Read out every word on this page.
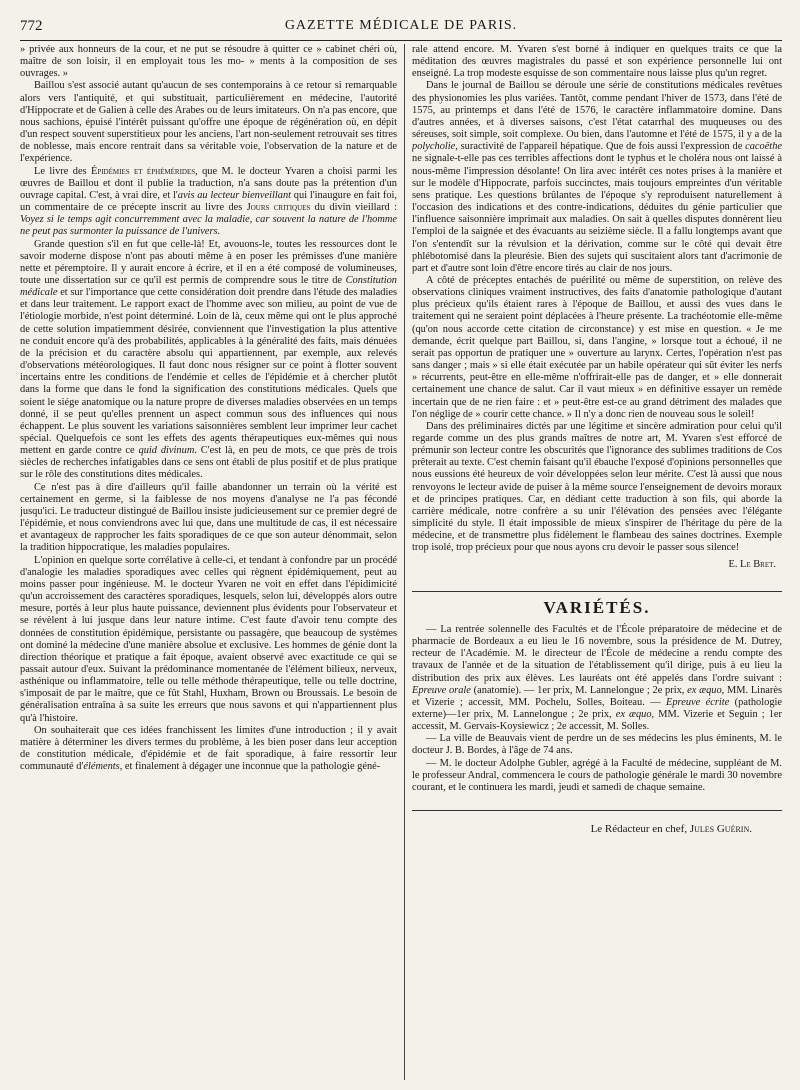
772	GAZETTE MÉDICALE DE PARIS.

» privée aux honneurs de la cour, et ne put se résoudre à quitter ce » cabinet chéri où, maître de son loisir, il en employait tous les mo- » ments à la composition de ses ouvrages. »

Baillou s'est associé autant qu'aucun de ses contemporains à ce retour si remarquable alors vers l'antiquité, et qui substituait, particulièrement en médecine, l'autorité d'Hippocrate et de Galien à celle des Arabes ou de leurs imitateurs. On n'a pas encore, que nous sachions, épuisé l'intérêt puissant qu'offre une époque de régénération où, en dépit d'un respect souvent superstitieux pour les anciens, l'art non-seulement retrouvait ses titres de noblesse, mais encore rentrait dans sa véritable voie, l'observation de la nature et de l'expérience.

Le livre des Épidémies et éphémérides, que M. le docteur Yvaren a choisi parmi les œuvres de Baillou et dont il publie la traduction, n'a sans doute pas la prétention d'un ouvrage capital. C'est, à vrai dire, et l'avis au lecteur bienveillant qui l'inaugure en fait foi, un commentaire de ce précepte inscrit au livre des Jours critiques du divin vieillard : Voyez si le temps agit concurremment avec la maladie, car souvent la nature de l'homme ne peut pas surmonter la puissance de l'univers.

Grande question s'il en fut que celle-là! Et, avouons-le, toutes les ressources dont le savoir moderne dispose n'ont pas abouti même à en poser les prémisses d'une manière nette et péremptoire. Il y aurait encore à écrire, et il en a été composé de volumineuses, toute une dissertation sur ce qu'il est permis de comprendre sous le titre de Constitution médicale et sur l'importance que cette considération doit prendre dans l'étude des maladies et dans leur traitement. Le rapport exact de l'homme avec son milieu, au point de vue de l'étiologie morbide, n'est point déterminé. Loin de là, ceux même qui ont le plus approché de cette solution impatiemment désirée, conviennent que l'investigation la plus attentive ne conduit encore qu'à des probabilités, applicables à la généralité des faits, mais dénuées de la précision et du caractère absolu qui appartiennent, par exemple, aux relevés d'observations météorologiques. Il faut donc nous résigner sur ce point à flotter souvent incertains entre les conditions de l'endémie et celles de l'épidémie et à chercher plutôt dans la forme que dans le fond la signification des constitutions médicales. Quels que soient le siége anatomique ou la nature propre de diverses maladies observées en un temps donné, il se peut qu'elles prennent un aspect commun sous des influences qui nous échappent. Le plus souvent les variations saisonnières semblent leur imprimer leur cachet spécial. Quelquefois ce sont les effets des agents thérapeutiques eux-mêmes qui nous mettent en garde contre ce quid divinum. C'est là, en peu de mots, ce que près de trois siècles de recherches infatigables dans ce sens ont établi de plus positif et de plus pratique sur le rôle des constitutions dites médicales.

Ce n'est pas à dire d'ailleurs qu'il faille abandonner un terrain où la vérité est certainement en germe, si la faiblesse de nos moyens d'analyse ne l'a pas fécondé jusqu'ici. Le traducteur distingué de Baillou insiste judicieusement sur ce premier degré de l'épidémie, et nous conviendrons avec lui que, dans une multitude de cas, il est nécessaire et avantageux de rapprocher les faits sporadiques de ce que son auteur dénommait, selon la tradition hippocratique, les maladies populaires.

L'opinion en quelque sorte corrélative à celle-ci, et tendant à confondre par un procédé d'analogie les maladies sporadiques avec celles qui règnent épidémiquement, peut au moins passer pour ingénieuse. M. le docteur Yvaren ne voit en effet dans l'épidimicité qu'un accroissement des caractères sporadiques, lesquels, selon lui, développés alors outre mesure, portés à leur plus haute puissance, deviennent plus évidents pour l'observateur et se révèlent à lui jusque dans leur nature intime. C'est faute d'avoir tenu compte des données de constitution épidémique, persistante ou passagère, que beaucoup de systèmes ont dominé la médecine d'une manière absolue et exclusive. Les hommes de génie dont la direction théorique et pratique a fait époque, avaient observé avec exactitude ce qui se passait autour d'eux. Suivant la prédominance momentanée de l'élément bilieux, nerveux, asthénique ou inflammatoire, telle ou telle méthode thérapeutique, telle ou telle doctrine, s'imposait de par le maître, que ce fût Stahl, Huxham, Brown ou Broussais. Le besoin de généralisation entraîna à sa suite les erreurs que nous savons et qui n'appartiennent plus qu'à l'histoire.

On souhaiterait que ces idées franchissent les limites d'une introduction ; il y avait matière à déterminer les divers termes du problème, à les bien poser dans leur acception de constitution médicale, d'épidémie et de fait sporadique, à faire ressortir leur communauté d'éléments, et finalement à dégager une inconnue que la pathologie géné-

rale attend encore. M. Yvaren s'est borné à indiquer en quelques traits ce que la méditation des œuvres magistrales du passé et son expérience personnelle lui ont enseigné. La trop modeste esquisse de son commentaire nous laisse plus qu'un regret.

Dans le journal de Baillou se déroule une série de constitutions médicales revêtues des physionomies les plus variées. Tantôt, comme pendant l'hiver de 1573, dans l'été de 1575, au printemps et dans l'été de 1576, le caractère inflammatoire domine. Dans d'autres années, et à diverses saisons, c'est l'état catarrhal des muqueuses ou des séreuses, soit simple, soit complexe. Ou bien, dans l'automne et l'été de 1575, il y a de la polycholie, suractivité de l'appareil hépatique. Que de fois aussi l'expression de cacoëthe ne signale-t-elle pas ces terribles affections dont le typhus et le choléra nous ont laissé à nous-même l'impression désolante! On lira avec intérêt ces notes prises à la manière et sur le modèle d'Hippocrate, parfois succinctes, mais toujours empreintes d'un véritable sens pratique. Les questions brûlantes de l'époque s'y reproduisent naturellement à l'occasion des indications et des contre-indications, déduites du génie particulier que l'influence saisonnière imprimait aux maladies. On sait à quelles disputes donnèrent lieu l'emploi de la saignée et des évacuants au seizième siècle. Il a fallu longtemps avant que l'on s'entendît sur la révulsion et la dérivation, comme sur le côté qui devait être phlébotomisé dans la pleurésie. Bien des sujets qui suscitaient alors tant d'acrimonie de part et d'autre sont loin d'être encore tirés au clair de nos jours.

A côté de préceptes entachés de puérilité ou même de superstition, on relève des observations cliniques vraiment instructives, des faits d'anatomie pathologique d'autant plus précieux qu'ils étaient rares à l'époque de Baillou, et aussi des vues dans le traitement qui ne seraient point déplacées à l'heure présente. La trachéotomie elle-même (qu'on nous accorde cette citation de circonstance) y est mise en question. « Je me demande, écrit quelque part Baillou, si, dans l'angine, » lorsque tout a échoué, il ne serait pas opportun de pratiquer une » ouverture au larynx. Certes, l'opération n'est pas sans danger ; mais » si elle était exécutée par un habile opérateur qui sût éviter les nerfs » récurrents, peut-être en elle-même n'offrirait-elle pas de danger, et » elle donnerait certainement une chance de salut. Car il vaut mieux » en définitive essayer un remède incertain que de ne rien faire : et » peut-être est-ce au grand détriment des malades que l'on néglige de » courir cette chance. » Il n'y a donc rien de nouveau sous le soleil!

Dans des préliminaires dictés par une légitime et sincère admiration pour celui qu'il regarde comme un des plus grands maîtres de notre art, M. Yvaren s'est efforcé de prémunir son lecteur contre les obscurités que l'ignorance des sublimes traditions de Cos prêterait au texte. C'est chemin faisant qu'il ébauche l'exposé d'opinions personnelles que nous eussions été heureux de voir développées selon leur mérite. C'est là aussi que nous renvoyons le lecteur avide de puiser à la même source l'enseignement de devoirs moraux et de principes pratiques. Car, en dédiant cette traduction à son fils, qui aborde la carrière médicale, notre confrère a su unir l'élévation des pensées avec l'élégante simplicité du style. Il était impossible de mieux s'inspirer de l'héritage du père de la médecine, et de transmettre plus fidèlement le flambeau des saines doctrines. Exemple trop isolé, trop précieux pour que nous ayons cru devoir le passer sous silence!

E. Le Bret.

VARIÉTÉS.

— La rentrée solennelle des Facultés et de l'École préparatoire de médecine et de pharmacie de Bordeaux a eu lieu le 16 novembre, sous la présidence de M. Dutrey, recteur de l'Académie. M. le directeur de l'École de médecine a rendu compte des travaux de l'année et de la situation de l'établissement qu'il dirige, puis à eu lieu la distribution des prix aux élèves. Les lauréats ont été appelés dans l'ordre suivant : Epreuve orale (anatomie). — 1er prix, M. Lannelongue ; 2e prix, ex æquo, MM. Linarès et Vizerie ; accessit, MM. Pochelu, Solles, Boiteau. — Epreuve écrite (pathologie externe)—1er prix, M. Lannelongue ; 2e prix, ex æquo, MM. Vizerie et Seguin ; 1er accessit, M. Gervais-Koysiewicz ; 2e accessit, M. Solles.

— La ville de Beauvais vient de perdre un de ses médecins les plus éminents, M. le docteur J. B. Bordes, à l'âge de 74 ans.

— M. le docteur Adolphe Gubler, agrégé à la Faculté de médecine, suppléant de M. le professeur Andral, commencera le cours de pathologie générale le mardi 30 novembre courant, et le continuera les mardi, jeudi et samedi de chaque semaine.

Le Rédacteur en chef, Jules Guérin.
